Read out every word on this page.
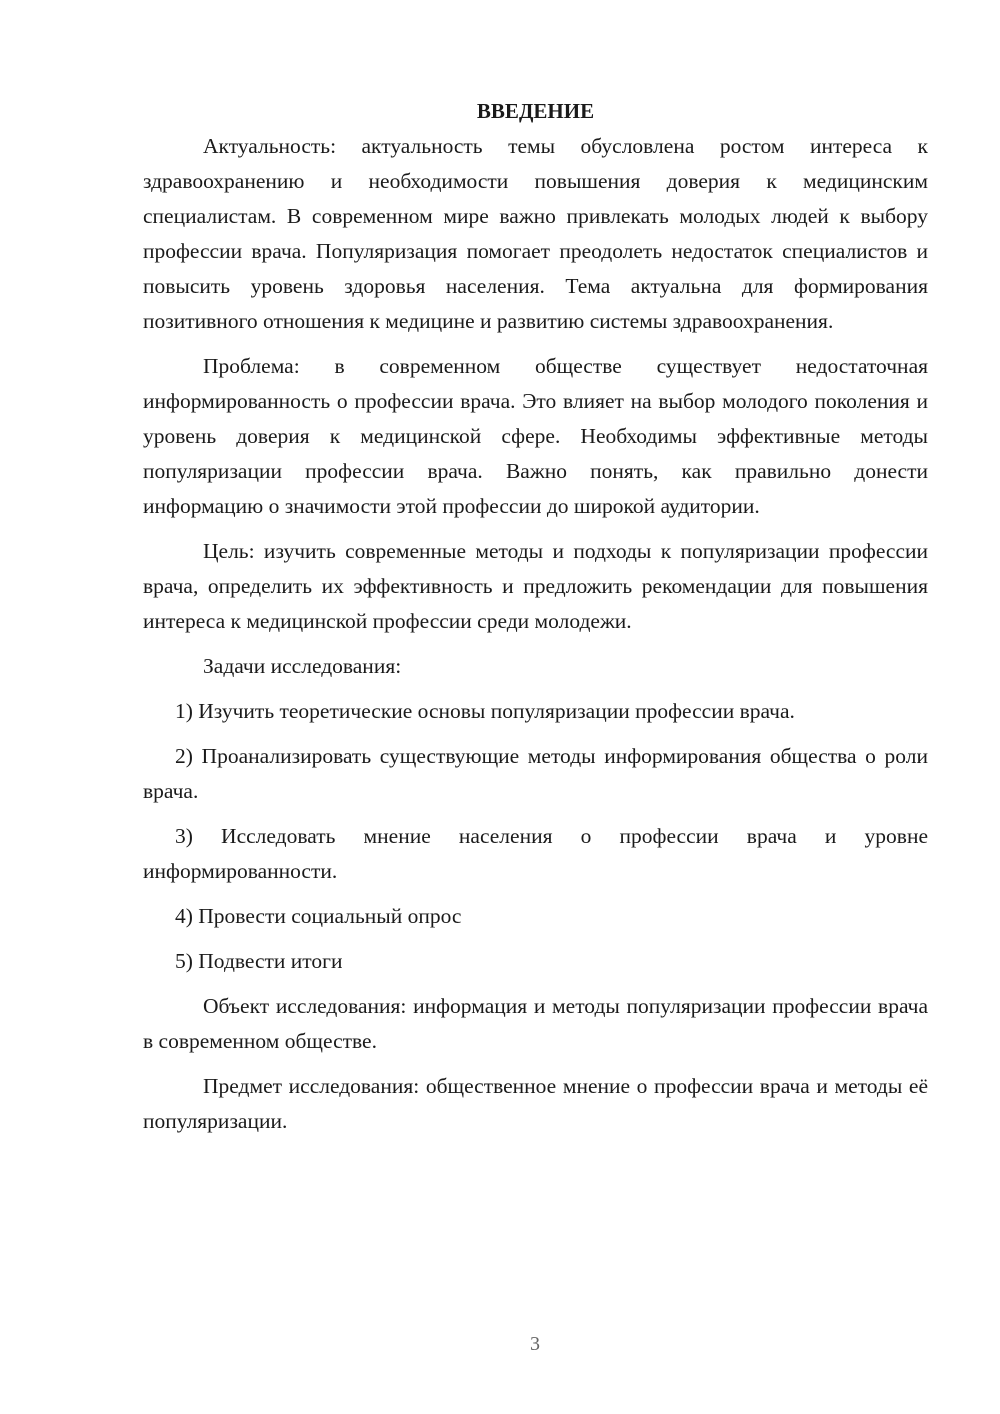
ВВЕДЕНИЕ

Актуальность: актуальность темы обусловлена ростом интереса к здравоохранению и необходимости повышения доверия к медицинским специалистам. В современном мире важно привлекать молодых людей к выбору профессии врача. Популяризация помогает преодолеть недостаток специалистов и повысить уровень здоровья населения. Тема актуальна для формирования позитивного отношения к медицине и развитию системы здравоохранения.

Проблема: в современном обществе существует недостаточная информированность о профессии врача. Это влияет на выбор молодого поколения и уровень доверия к медицинской сфере. Необходимы эффективные методы популяризации профессии врача. Важно понять, как правильно донести информацию о значимости этой профессии до широкой аудитории.

Цель: изучить современные методы и подходы к популяризации профессии врача, определить их эффективность и предложить рекомендации для повышения интереса к медицинской профессии среди молодежи.

Задачи исследования:

1) Изучить теоретические основы популяризации профессии врача.

2) Проанализировать существующие методы информирования общества о роли врача.

3) Исследовать мнение населения о профессии врача и уровне информированности.

4) Провести социальный опрос

5) Подвести итоги

Объект исследования: информация и методы популяризации профессии врача в современном обществе.

Предмет исследования: общественное мнение о профессии врача и методы её популяризации.

3
